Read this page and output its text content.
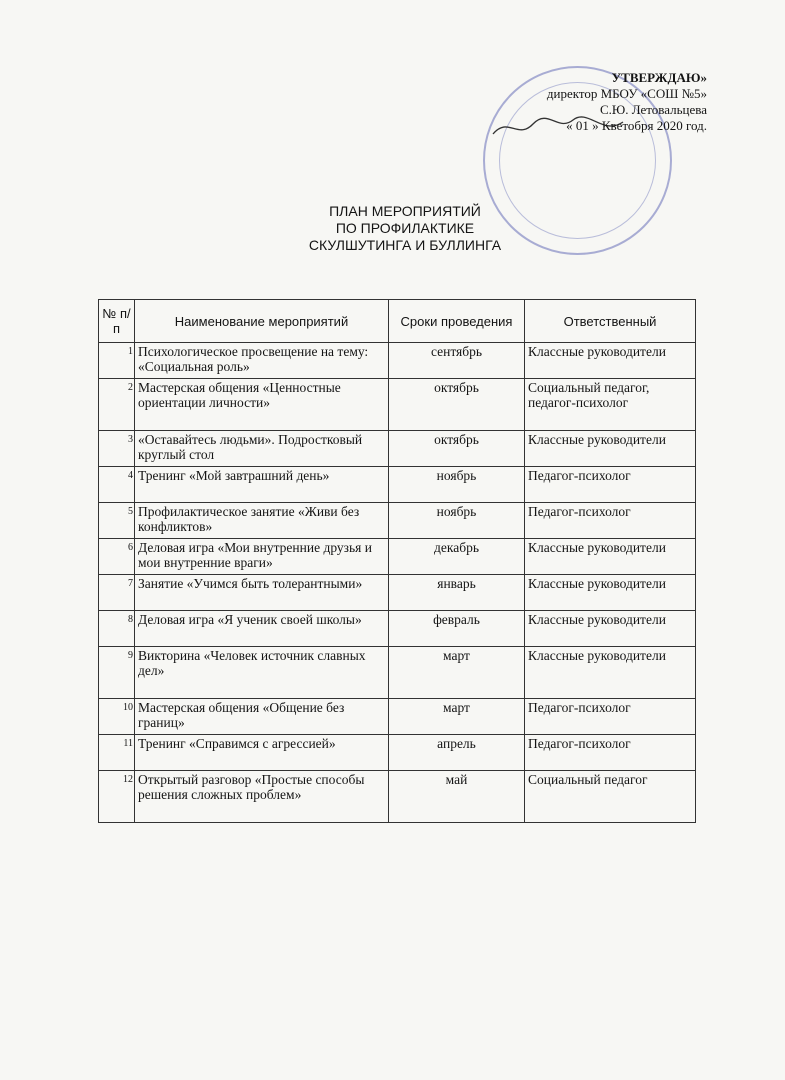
УТВЕРЖДАЮ»
директор МБОУ «СОШ №5»
С.Ю. Летовальцева
« 01 » Кветобря 2020 год.
ПЛАН МЕРОПРИЯТИЙ
ПО ПРОФИЛАКТИКЕ
СКУЛШУТИНГА И БУЛЛИНГА
№ п/п	Наименование мероприятий	Сроки проведения	Ответственный
1	Психологическое просвещение на тему: «Социальная роль»	сентябрь	Классные руководители
2	Мастерская общения «Ценностные ориентации личности»	октябрь	Социальный педагог, педагог-психолог
3	«Оставайтесь людьми». Подростковый круглый стол	октябрь	Классные руководители
4	Тренинг «Мой завтрашний день»	ноябрь	Педагог-психолог
5	Профилактическое занятие «Живи без конфликтов»	ноябрь	Педагог-психолог
6	Деловая игра «Мои внутренние друзья и мои внутренние враги»	декабрь	Классные руководители
7	Занятие «Учимся быть толерантными»	январь	Классные руководители
8	Деловая игра «Я ученик своей школы»	февраль	Классные руководители
9	Викторина «Человек источник славных дел»	март	Классные руководители
10	Мастерская общения «Общение без границ»	март	Педагог-психолог
11	Тренинг «Справимся с агрессией»	апрель	Педагог-психолог
12	Открытый разговор «Простые способы решения сложных проблем»	май	Социальный педагог
